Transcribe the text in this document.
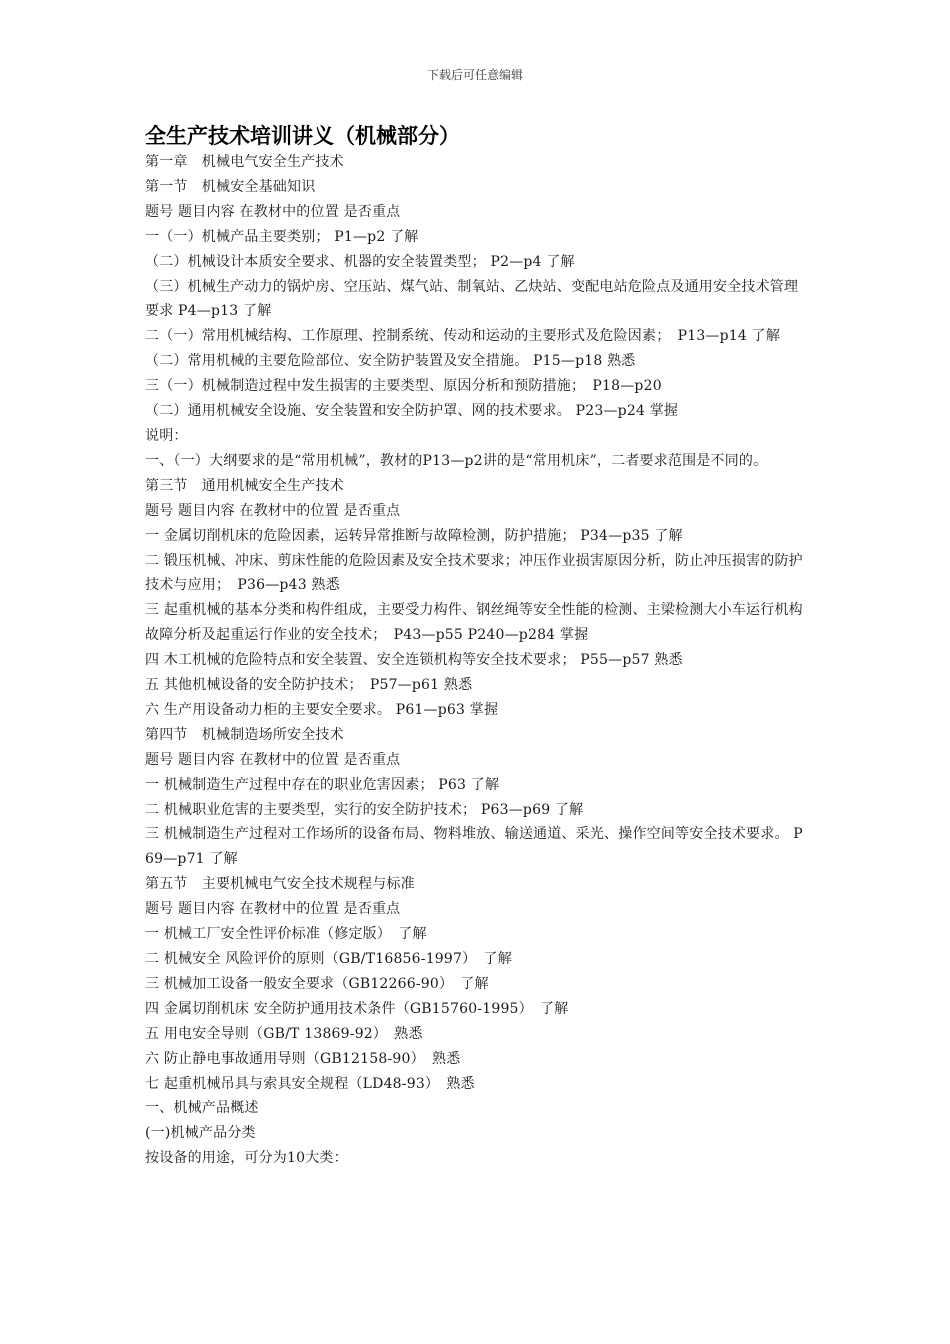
下载后可任意编辑
全生产技术培训讲义（机械部分）
第一章　机械电气安全生产技术
第一节　机械安全基础知识
题号 题目内容 在教材中的位置 是否重点
一（一）机械产品主要类别； P1—p2 了解
（二）机械设计本质安全要求、机器的安全装置类型； P2—p4 了解
（三）机械生产动力的锅炉房、空压站、煤气站、制氧站、乙炔站、变配电站危险点及通用安全技术管理要求 P4—p13 了解
二（一）常用机械结构、工作原理、控制系统、传动和运动的主要形式及危险因素；　P13—p14 了解
（二）常用机械的主要危险部位、安全防护装置及安全措施。 P15—p18 熟悉
三（一）机械制造过程中发生损害的主要类型、原因分析和预防措施；　P18—p20
（二）通用机械安全设施、安全装置和安全防护罩、网的技术要求。 P23—p24 掌握
说明：
一、（一）大纲要求的是“常用机械”，教材的P13—p2讲的是“常用机床”，二者要求范围是不同的。
第三节　通用机械安全生产技术
题号 题目内容 在教材中的位置 是否重点
一 金属切削机床的危险因素，运转异常推断与故障检测，防护措施； P34—p35 了解
二 锻压机械、冲床、剪床性能的危险因素及安全技术要求；冲压作业损害原因分析，防止冲压损害的防护技术与应用；　P36—p43 熟悉
三 起重机械的基本分类和构件组成，主要受力构件、钢丝绳等安全性能的检测、主梁检测大小车运行机构故障分析及起重运行作业的安全技术；　P43—p55 P240—p284 掌握
四 木工机械的危险特点和安全装置、安全连锁机构等安全技术要求； P55—p57 熟悉
五 其他机械设备的安全防护技术；　P57—p61 熟悉
六 生产用设备动力柜的主要安全要求。 P61—p63 掌握
第四节　机械制造场所安全技术
题号 题目内容 在教材中的位置 是否重点
一 机械制造生产过程中存在的职业危害因素； P63 了解
二 机械职业危害的主要类型，实行的安全防护技术； P63—p69 了解
三 机械制造生产过程对工作场所的设备布局、物料堆放、输送通道、采光、操作空间等安全技术要求。 P69—p71 了解
第五节　主要机械电气安全技术规程与标准
题号 题目内容 在教材中的位置 是否重点
一 机械工厂安全性评价标准（修定版）　了解
二 机械安全 风险评价的原则（GB/T16856-1997）　了解
三 机械加工设备一般安全要求（GB12266-90）　了解
四 金属切削机床 安全防护通用技术条件（GB15760-1995）　了解
五 用电安全导则（GB/T 13869-92）　熟悉
六 防止静电事故通用导则（GB12158-90）　熟悉
七 起重机械吊具与索具安全规程（LD48-93）　熟悉
一、机械产品概述
(一)机械产品分类
按设备的用途，可分为10大类：
